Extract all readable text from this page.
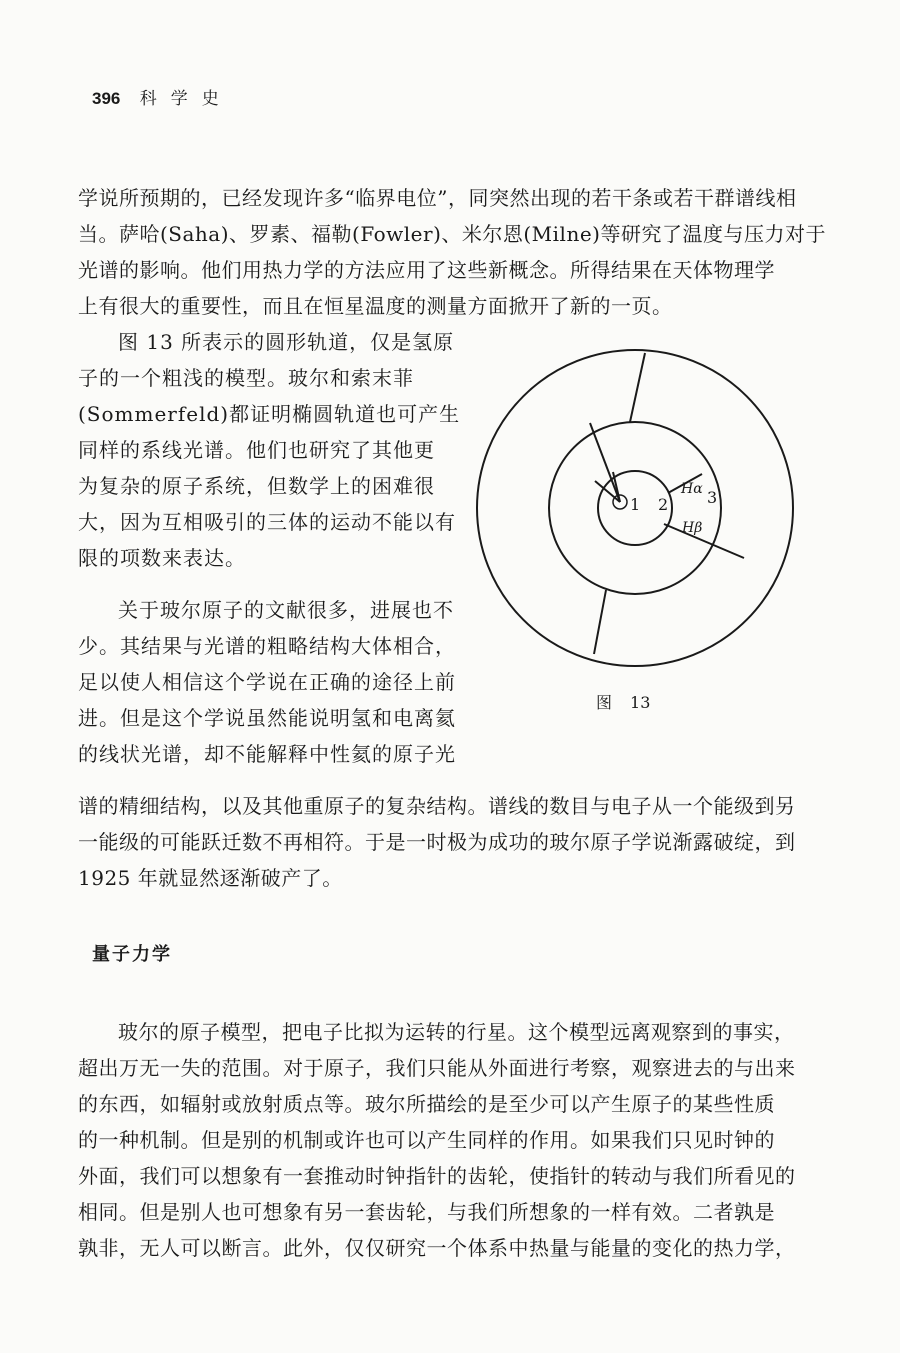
396 科学史
学说所预期的，已经发现许多“临界电位”，同突然出现的若干条或若干群谱线相
当。萨哈(Saha)、罗素、福勒(Fowler)、米尔恩(Milne)等研究了温度与压力对于
光谱的影响。他们用热力学的方法应用了这些新概念。所得结果在天体物理学
上有很大的重要性，而且在恒星温度的测量方面掀开了新的一页。
图 13 所表示的圆形轨道，仅是氢原
子的一个粗浅的模型。玻尔和索末菲
(Sommerfeld)都证明椭圆轨道也可产生
同样的系线光谱。他们也研究了其他更
为复杂的原子系统，但数学上的困难很
大，因为互相吸引的三体的运动不能以有
限的项数来表达。
关于玻尔原子的文献很多，进展也不
少。其结果与光谱的粗略结构大体相合，
足以使人相信这个学说在正确的途径上前
进。但是这个学说虽然能说明氢和电离氦
的线状光谱，却不能解释中性氦的原子光
谱的精细结构，以及其他重原子的复杂结构。谱线的数目与电子从一个能级到另
一能级的可能跃迁数不再相符。于是一时极为成功的玻尔原子学说渐露破绽，到
1925 年就显然逐渐破产了。
1 2 3
Hα
Hβ
图 13
量子力学
玻尔的原子模型，把电子比拟为运转的行星。这个模型远离观察到的事实，
超出万无一失的范围。对于原子，我们只能从外面进行考察，观察进去的与出来
的东西，如辐射或放射质点等。玻尔所描绘的是至少可以产生原子的某些性质
的一种机制。但是别的机制或许也可以产生同样的作用。如果我们只见时钟的
外面，我们可以想象有一套推动时钟指针的齿轮，使指针的转动与我们所看见的
相同。但是别人也可想象有另一套齿轮，与我们所想象的一样有效。二者孰是
孰非，无人可以断言。此外，仅仅研究一个体系中热量与能量的变化的热力学，
